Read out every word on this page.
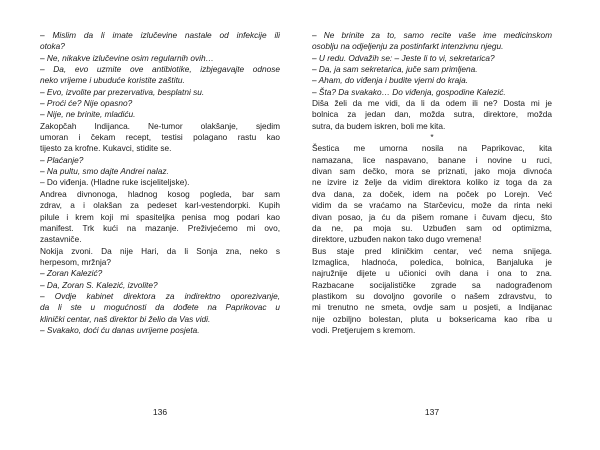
– Mislim da li imate izlučevine nastale od infekcije ili
otoka?
– Ne, nikakve izlučevine osim regularnih ovih…
– Da, evo uzmite ove antibiotike, izbjegavajte odnose
neko vrijeme i ubuduće koristite zaštitu.
– Evo, izvolite par prezervativa, besplatni su.
– Proći će? Nije opasno?
– Nije, ne brinite, mladiću.
Zakopčah Indijanca. Ne-tumor olakšanje, sjedim
umoran i čekam recept, testisi polagano rastu kao
tijesto za krofne. Kukavci, stidite se.
– Plaćanje?
– Na pultu, smo dajte Andrei nalaz.
– Do viđenja. (Hladne ruke iscjeliteljske).
Andrea divnonoga, hladnog kosog pogleda, bar sam
zdrav, a i olakšan za pedeset karl-vestendorpki. Kupih
pilule i krem koji mi spasitelјka penisa mog podari kao
manifest. Trk kući na mazanje. Preživjećemo mi ovo,
zastavniče.
Nokija zvoni. Da nije Hari, da li Sonja zna, neko s
herpesom, mržnja?
– Zoran Kalezić?
– Da, Zoran S. Kalezić, izvolite?
– Ovdje kabinet direktora za indirektno oporezivanje,
da li ste u mogućnosti da dođete na Paprikovac u
klinički centar, naš direktor bi želio da Vas vidi.
– Svakako, doći ću danas uvrijeme posjeta.
136
– Ne brinite za to, samo recite vaše ime medicinskom
osoblju na odjeljenju za postinfarkt intenzivnu njegu.
– U redu. Odvažih se: – Jeste li to vi, sekretarica?
– Da, ja sam sekretarica, juče sam primljena.
– Aham, do viđenja i budite vjerni do kraja.
– Šta? Da svakako… Do viđenja, gospodine Kalezić.
Diša želi da me vidi, da li da odem ili ne? Dosta mi je
bolnica za jedan dan, možda sutra, direktore, možda
sutra, da budem iskren, boli me kita.
*
Šestica me umorna nosila na Paprikovac, kita
namazana, lice naspavano, banane i novine u ruci,
divan sam dečko, mora se priznati, jako moja divnoća
ne izvire iz želje da vidim direktora koliko iz toga da za
dva dana, za doček, idem na poček po Lorejn. Već
vidim da se vraćamo na Starčevicu, može da rinta neki
divan posao, ja ću da pišem romane i čuvam djecu, što
da ne, pa moja su. Uzbuđen sam od optimizma,
direktore, uzbuđen nakon tako dugo vremena!
Bus staje pred kliničkim centar, već nema snijega.
Izmaglica, hladnoća, poledica, bolnica, Banjaluka je
najružnije dijete u učionici ovih dana i ona to zna.
Razbacane socijalističke zgrade sa nadograđenom
plastikom su dovoljno govorile o našem zdravstvu, to
mi trenutno ne smeta, ovdje sam u posjeti, a Indijanac
nije ozbiljno bolestan, pluta u boksericama kao riba u
vodi. Pretjerujem s kremom.
137
